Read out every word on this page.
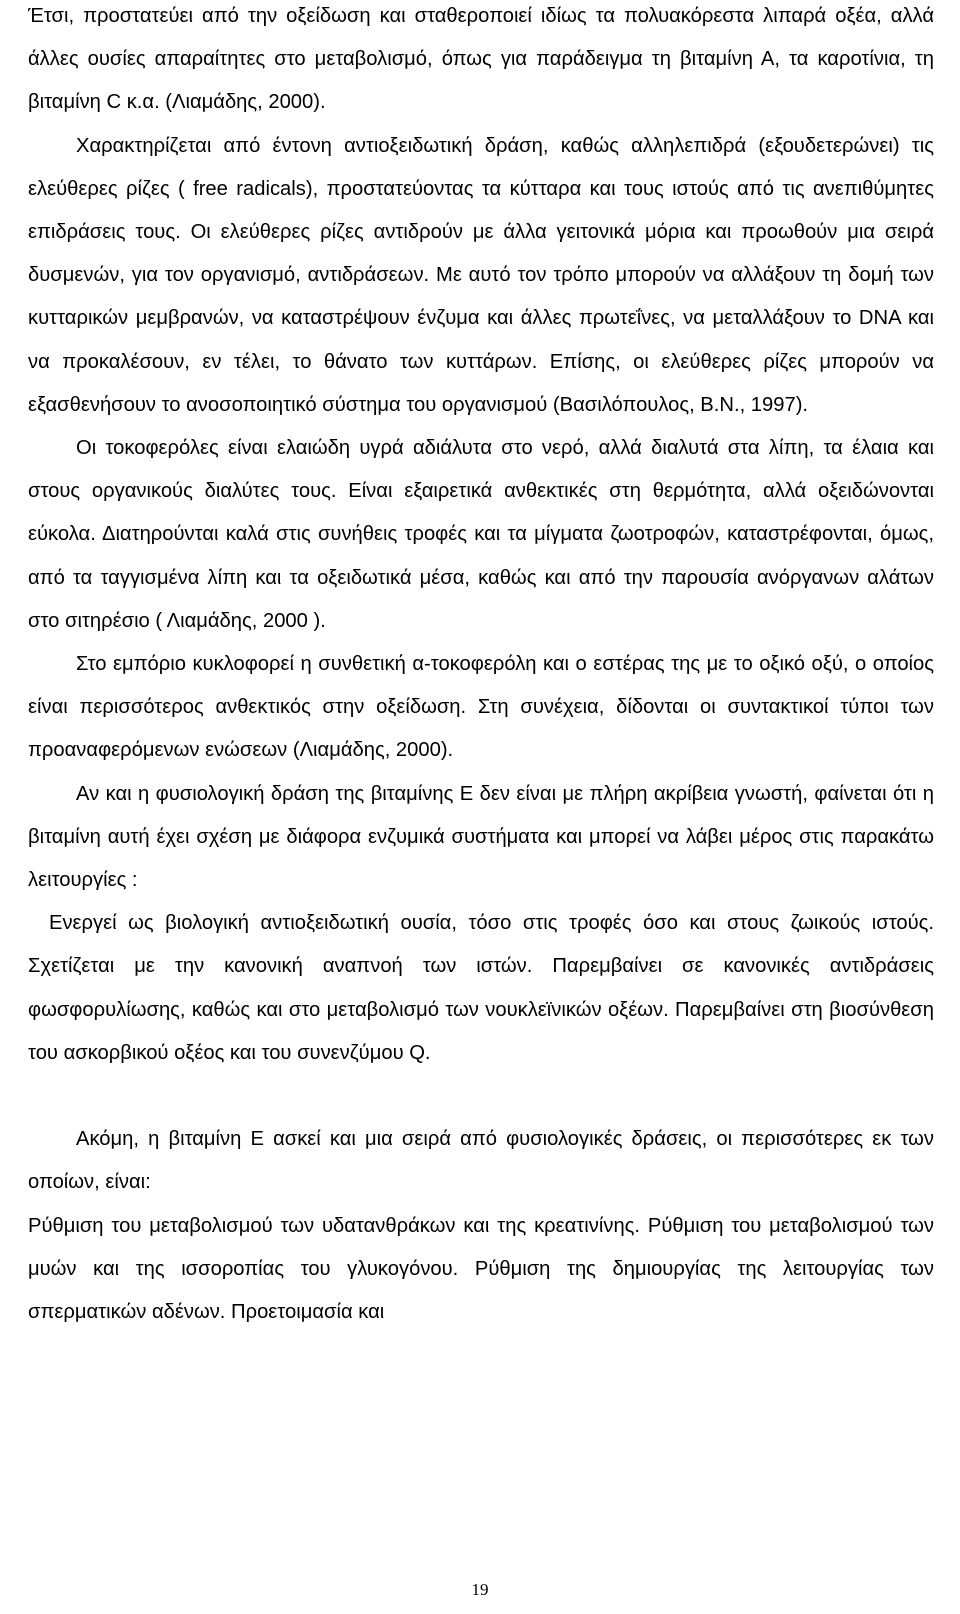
Έτσι, προστατεύει από την οξείδωση και σταθεροποιεί ιδίως τα πολυακόρεστα λιπαρά οξέα, αλλά άλλες ουσίες απαραίτητες στο μεταβολισμό, όπως για παράδειγμα τη βιταμίνη Α, τα καροτίνια, τη βιταμίνη C κ.α. (Λιαμάδης, 2000).

Χαρακτηρίζεται από έντονη αντιοξειδωτική δράση, καθώς αλληλεπιδρά (εξουδετερώνει) τις ελεύθερες ρίζες ( free radicals), προστατεύοντας τα κύτταρα και τους ιστούς από τις ανεπιθύμητες επιδράσεις τους. Οι ελεύθερες ρίζες αντιδρούν με άλλα γειτονικά μόρια και προωθούν μια σειρά δυσμενών, για τον οργανισμό, αντιδράσεων. Με αυτό τον τρόπο μπορούν να αλλάξουν τη δομή των κυτταρικών μεμβρανών, να καταστρέψουν ένζυμα και άλλες πρωτεΐνες, να μεταλλάξουν το DNA και να προκαλέσουν, εν τέλει, το θάνατο των κυττάρων. Επίσης, οι ελεύθερες ρίζες μπορούν να εξασθενήσουν το ανοσοποιητικό σύστημα του οργανισμού (Βασιλόπουλος, Β.Ν., 1997).

Οι τοκοφερόλες είναι ελαιώδη υγρά αδιάλυτα στο νερό, αλλά διαλυτά στα λίπη, τα έλαια και στους οργανικούς διαλύτες τους. Είναι εξαιρετικά ανθεκτικές στη θερμότητα, αλλά οξειδώνονται εύκολα. Διατηρούνται καλά στις συνήθεις τροφές και τα μίγματα ζωοτροφών, καταστρέφονται, όμως, από τα ταγγισμένα λίπη και τα οξειδωτικά μέσα, καθώς και από την παρουσία ανόργανων αλάτων στο σιτηρέσιο ( Λιαμάδης, 2000 ).

Στο εμπόριο κυκλοφορεί η συνθετική α-τοκοφερόλη και ο εστέρας της με το οξικό οξύ, ο οποίος είναι περισσότερος ανθεκτικός στην οξείδωση. Στη συνέχεια, δίδονται οι συντακτικοί τύποι των προαναφερόμενων ενώσεων (Λιαμάδης, 2000).

Αν και η φυσιολογική δράση της βιταμίνης Ε δεν είναι με πλήρη ακρίβεια γνωστή, φαίνεται ότι η βιταμίνη αυτή έχει σχέση με διάφορα ενζυμικά συστήματα και μπορεί να λάβει μέρος στις παρακάτω λειτουργίες :

Ενεργεί ως βιολογική αντιοξειδωτική ουσία, τόσο στις τροφές όσο και στους ζωικούς ιστούς. Σχετίζεται με την κανονική αναπνοή των ιστών. Παρεμβαίνει σε κανονικές αντιδράσεις φωσφορυλίωσης, καθώς και στο μεταβολισμό των νουκλεϊνικών οξέων. Παρεμβαίνει στη βιοσύνθεση του ασκορβικού οξέος και του συνενζύμου Q.

Ακόμη, η βιταμίνη Ε ασκεί και μια σειρά από φυσιολογικές δράσεις, οι περισσότερες εκ των οποίων, είναι:

Ρύθμιση του μεταβολισμού των υδατανθράκων και της κρεατινίνης. Ρύθμιση του μεταβολισμού των μυών και της ισσοροπίας του γλυκογόνου. Ρύθμιση της δημιουργίας της λειτουργίας των σπερματικών αδένων. Προετοιμασία και

19
